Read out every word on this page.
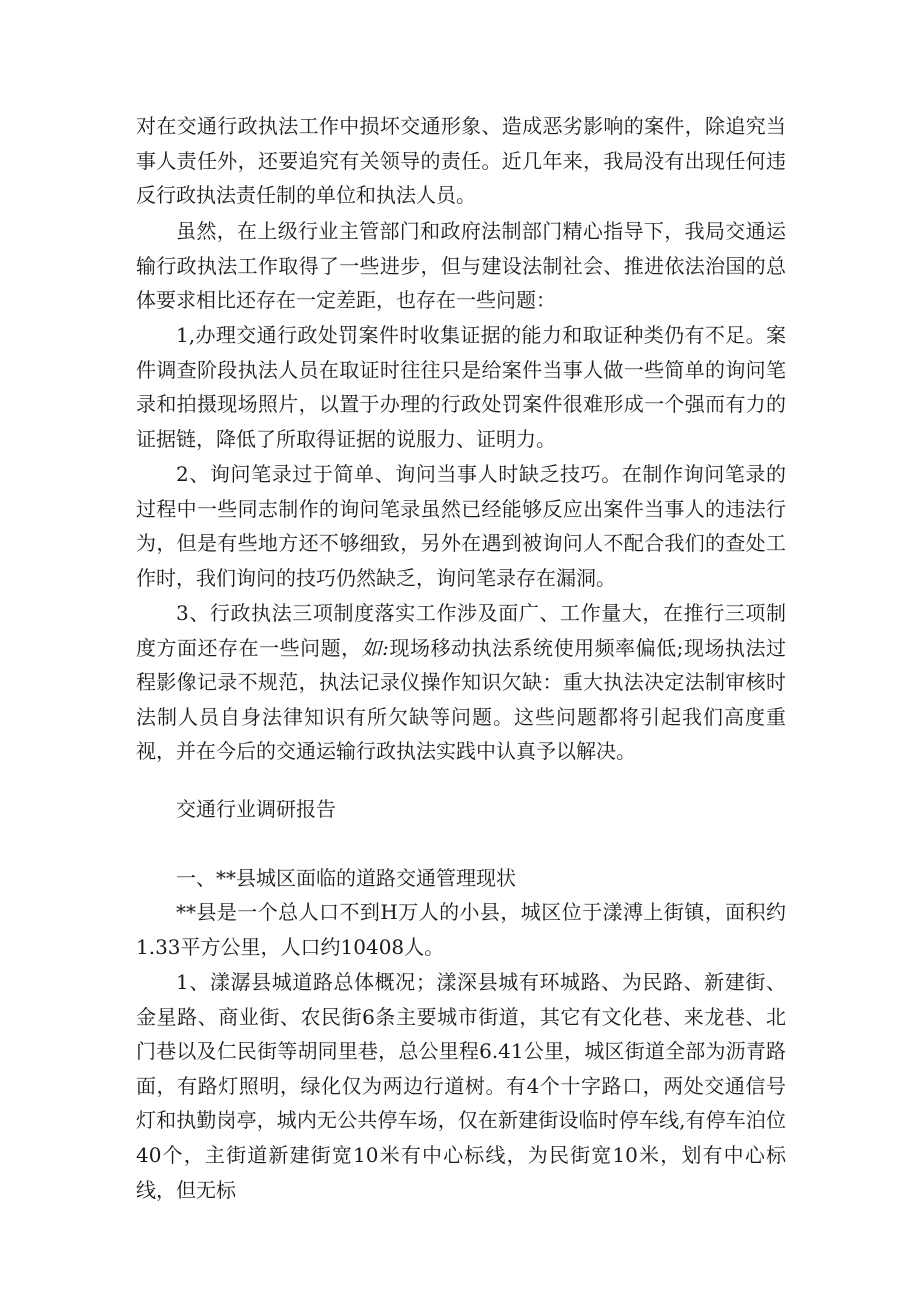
对在交通行政执法工作中损坏交通形象、造成恶劣影响的案件，除追究当事人责任外，还要追究有关领导的责任。近几年来，我局没有出现任何违反行政执法责任制的单位和执法人员。

虽然，在上级行业主管部门和政府法制部门精心指导下，我局交通运输行政执法工作取得了一些进步，但与建设法制社会、推进依法治国的总体要求相比还存在一定差距，也存在一些问题：

1,办理交通行政处罚案件时收集证据的能力和取证种类仍有不足。案件调查阶段执法人员在取证时往往只是给案件当事人做一些简单的询问笔录和拍摄现场照片，以置于办理的行政处罚案件很难形成一个强而有力的证据链，降低了所取得证据的说服力、证明力。

2、询问笔录过于简单、询问当事人时缺乏技巧。在制作询问笔录的过程中一些同志制作的询问笔录虽然已经能够反应出案件当事人的违法行为，但是有些地方还不够细致，另外在遇到被询问人不配合我们的查处工作时，我们询问的技巧仍然缺乏，询问笔录存在漏洞。

3、行政执法三项制度落实工作涉及面广、工作量大，在推行三项制度方面还存在一些问题，如:现场移动执法系统使用频率偏低;现场执法过程影像记录不规范，执法记录仪操作知识欠缺：重大执法决定法制审核时法制人员自身法律知识有所欠缺等问题。这些问题都将引起我们高度重视，并在今后的交通运输行政执法实践中认真予以解决。

交通行业调研报告

一、**县城区面临的道路交通管理现状

**县是一个总人口不到H万人的小县，城区位于漾溥上街镇，面积约1.33平方公里，人口约10408人。

1、漾潺县城道路总体概况；漾深县城有环城路、为民路、新建街、金星路、商业街、农民街6条主要城市街道，其它有文化巷、来龙巷、北门巷以及仁民街等胡同里巷，总公里程6.41公里，城区街道全部为沥青路面，有路灯照明，绿化仅为两边行道树。有4个十字路口，两处交通信号灯和执勤岗亭，城内无公共停车场，仅在新建街设临时停车线,有停车泊位40个，主街道新建街宽10米有中心标线，为民街宽10米，划有中心标线，但无标
